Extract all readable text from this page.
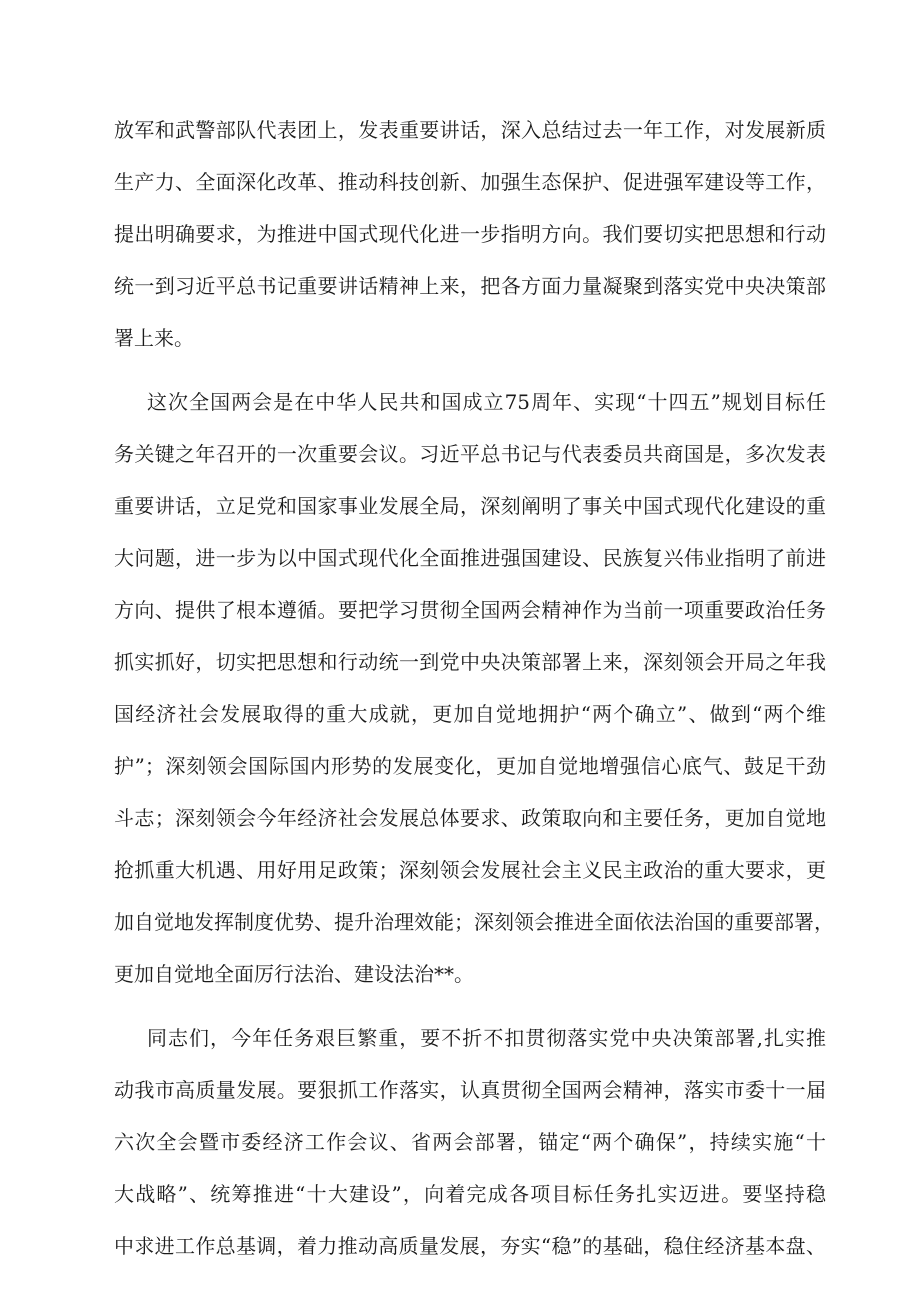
放军和武警部队代表团上，发表重要讲话，深入总结过去一年工作，对发展新质
生产力、全面深化改革、推动科技创新、加强生态保护、促进强军建设等工作，
提出明确要求，为推进中国式现代化进一步指明方向。我们要切实把思想和行动
统一到习近平总书记重要讲话精神上来，把各方面力量凝聚到落实党中央决策部
署上来。
这次全国两会是在中华人民共和国成立75周年、实现“十四五”规划目标任
务关键之年召开的一次重要会议。习近平总书记与代表委员共商国是，多次发表
重要讲话，立足党和国家事业发展全局，深刻阐明了事关中国式现代化建设的重
大问题，进一步为以中国式现代化全面推进强国建设、民族复兴伟业指明了前进
方向、提供了根本遵循。要把学习贯彻全国两会精神作为当前一项重要政治任务
抓实抓好，切实把思想和行动统一到党中央决策部署上来，深刻领会开局之年我
国经济社会发展取得的重大成就，更加自觉地拥护“两个确立”、做到“两个维
护”；深刻领会国际国内形势的发展变化，更加自觉地增强信心底气、鼓足干劲
斗志；深刻领会今年经济社会发展总体要求、政策取向和主要任务，更加自觉地
抢抓重大机遇、用好用足政策；深刻领会发展社会主义民主政治的重大要求，更
加自觉地发挥制度优势、提升治理效能；深刻领会推进全面依法治国的重要部署，
更加自觉地全面厉行法治、建设法治**。
同志们，今年任务艰巨繁重，要不折不扣贯彻落实党中央决策部署,扎实推
动我市高质量发展。要狠抓工作落实，认真贯彻全国两会精神，落实市委十一届
六次全会暨市委经济工作会议、省两会部署，锚定“两个确保”，持续实施“十
大战略”、统筹推进“十大建设”，向着完成各项目标任务扎实迈进。要坚持稳
中求进工作总基调，着力推动高质量发展，夯实“稳”的基础，稳住经济基本盘、
